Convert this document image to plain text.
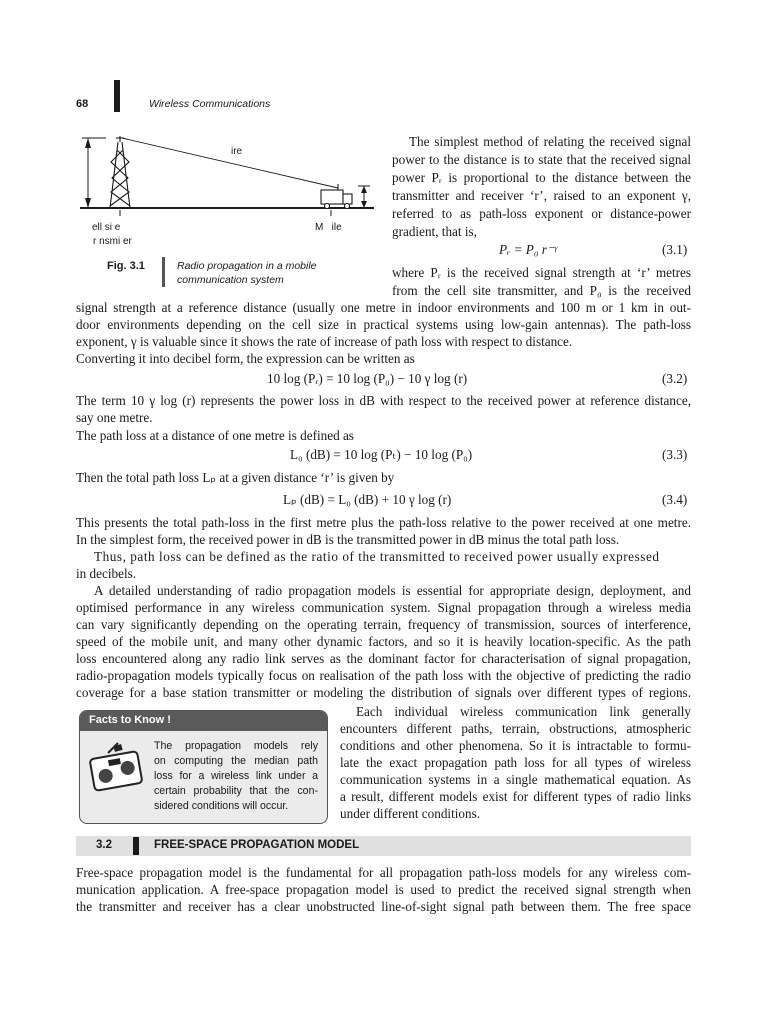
68	Wireless Communications
ire
ell si e
r nsmi er
M   ile
Fig. 3.1	Radio propagation in a mobile
communication system
The simplest method of relating the received signal
power to the distance is to state that the received signal
power Pᵣ is proportional to the distance between the
transmitter and receiver ‘r’, raised to an exponent γ,
referred to as path-loss exponent or distance-power
gradient, that is,
Pᵣ = P₀ r⁻ᵞ	(3.1)
where Pᵣ is the received signal strength at ‘r’ metres
from the cell site transmitter, and P₀ is the received
signal strength at a reference distance (usually one metre in indoor environments and 100 m or 1 km in out-
door environments depending on the cell size in practical systems using low-gain antennas). The path-loss
exponent, γ is valuable since it shows the rate of increase of path loss with respect to distance.
Converting it into decibel form, the expression can be written as
10 log (Pᵣ) = 10 log (P₀) − 10 γ log (r)	(3.2)
The term 10 γ log (r) represents the power loss in dB with respect to the received power at reference distance,
say one metre.
The path loss at a distance of one metre is defined as
L₀ (dB) = 10 log (Pₜ) − 10 log (P₀)	(3.3)
Then the total path loss Lₚ at a given distance ‘r’ is given by
Lₚ (dB) = L₀ (dB) + 10 γ log (r)	(3.4)
This presents the total path-loss in the first metre plus the path-loss relative to the power received at one metre.
In the simplest form, the received power in dB is the transmitted power in dB minus the total path loss.
Thus, path loss can be defined as the ratio of the transmitted to received power usually expressed
in decibels.
A detailed understanding of radio propagation models is essential for appropriate design, deployment, and
optimised performance in any wireless communication system. Signal propagation through a wireless media
can vary significantly depending on the operating terrain, frequency of transmission, sources of interference,
speed of the mobile unit, and many other dynamic factors, and so it is heavily location-specific. As the path
loss encountered along any radio link serves as the dominant factor for characterisation of signal propagation,
radio-propagation models typically focus on realisation of the path loss with the objective of predicting the radio
coverage for a base station transmitter or modeling the distribution of signals over different types of regions.
Facts to Know !
The propagation models rely
on computing the median path
loss for a wireless link under a
certain probability that the con-
sidered conditions will occur.
Each individual wireless communication link generally
encounters different paths, terrain, obstructions, atmospheric
conditions and other phenomena. So it is intractable to formu-
late the exact propagation path loss for all types of wireless
communication systems in a single mathematical equation. As
a result, different models exist for different types of radio links
under different conditions.
3.2	FREE-SPACE PROPAGATION MODEL
Free-space propagation model is the fundamental for all propagation path-loss models for any wireless com-
munication application. A free-space propagation model is used to predict the received signal strength when
the transmitter and receiver has a clear unobstructed line-of-sight signal path between them. The free space
